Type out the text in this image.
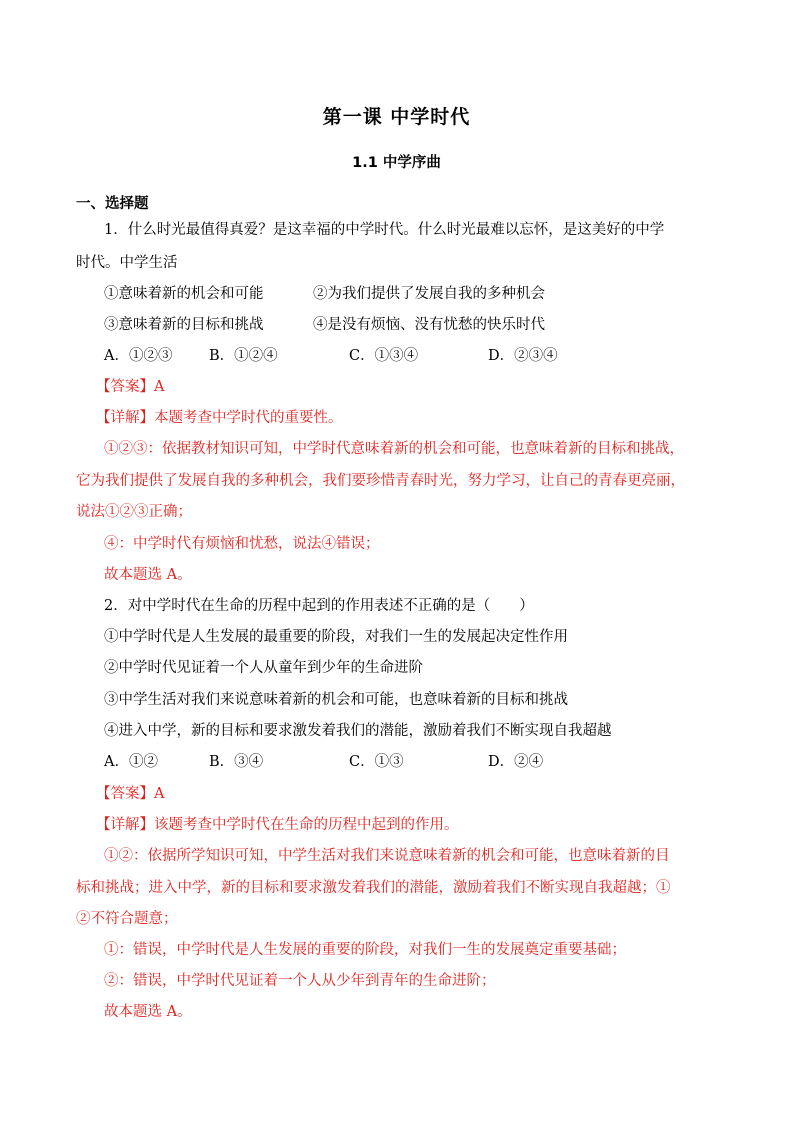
第一课 中学时代
1.1 中学序曲
一、选择题
1．什么时光最值得真爱？是这幸福的中学时代。什么时光最难以忘怀，是这美好的中学
时代。中学生活
①意味着新的机会和可能	②为我们提供了发展自我的多种机会
③意味着新的目标和挑战	④是没有烦恼、没有忧愁的快乐时代
A．①②③	B．①②④	C．①③④	D．②③④
【答案】A
【详解】本题考查中学时代的重要性。
①②③：依据教材知识可知，中学时代意味着新的机会和可能，也意味着新的目标和挑战，
它为我们提供了发展自我的多种机会，我们要珍惜青春时光，努力学习，让自己的青春更亮丽，
说法①②③正确；
④：中学时代有烦恼和忧愁，说法④错误；
故本题选 A。
2．对中学时代在生命的历程中起到的作用表述不正确的是（　　）
①中学时代是人生发展的最重要的阶段，对我们一生的发展起决定性作用
②中学时代见证着一个人从童年到少年的生命进阶
③中学生活对我们来说意味着新的机会和可能，也意味着新的目标和挑战
④进入中学，新的目标和要求激发着我们的潜能，激励着我们不断实现自我超越
A．①②	B．③④	C．①③	D．②④
【答案】A
【详解】该题考查中学时代在生命的历程中起到的作用。
①②：依据所学知识可知，中学生活对我们来说意味着新的机会和可能，也意味着新的目
标和挑战；进入中学，新的目标和要求激发着我们的潜能，激励着我们不断实现自我超越；①
②不符合题意；
①：错误，中学时代是人生发展的重要的阶段，对我们一生的发展奠定重要基础；
②：错误，中学时代见证着一个人从少年到青年的生命进阶；
故本题选 A。
